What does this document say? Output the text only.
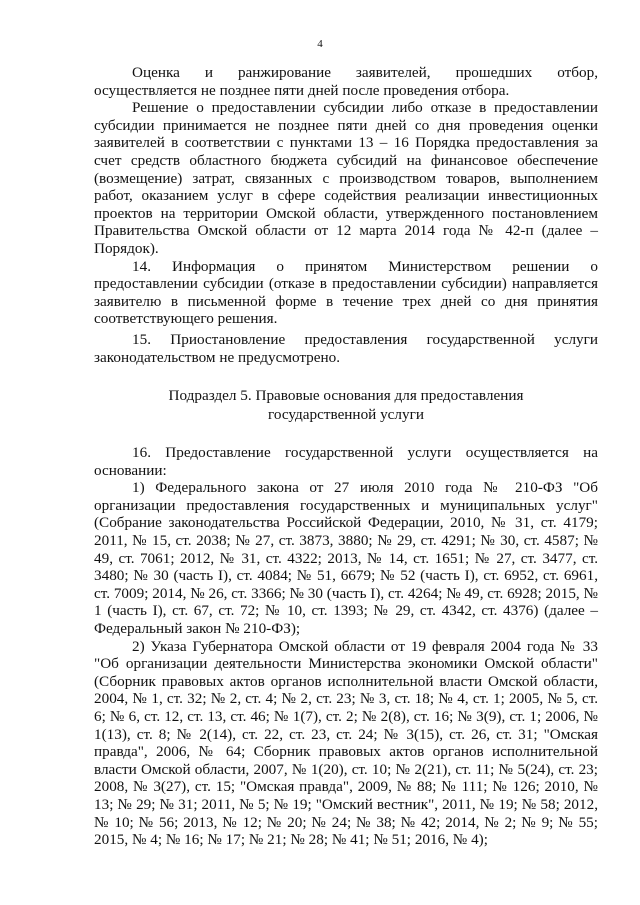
4

Оценка и ранжирование заявителей, прошедших отбор, осуществляется не позднее пяти дней после проведения отбора.

Решение о предоставлении субсидии либо отказе в предоставлении субсидии принимается не позднее пяти дней со дня проведения оценки заявителей в соответствии с пунктами 13 – 16 Порядка предоставления за счет средств областного бюджета субсидий на финансовое обеспечение (возмещение) затрат, связанных с производством товаров, выполнением работ, оказанием услуг в сфере содействия реализации инвестиционных проектов на территории Омской области, утвержденного постановлением Правительства Омской области от 12 марта 2014 года № 42-п (далее – Порядок).

14. Информация о принятом Министерством решении о предоставлении субсидии (отказе в предоставлении субсидии) направляется заявителю в письменной форме в течение трех дней со дня принятия соответствующего решения.

15. Приостановление предоставления государственной услуги законодательством не предусмотрено.

Подраздел 5. Правовые основания для предоставления

государственной услуги

16. Предоставление государственной услуги осуществляется на основании:

1) Федерального закона от 27 июля 2010 года № 210-ФЗ "Об организации предоставления государственных и муниципальных услуг" (Собрание законодательства Российской Федерации, 2010, № 31, ст. 4179; 2011, № 15, ст. 2038; № 27, ст. 3873, 3880; № 29, ст. 4291; № 30, ст. 4587; № 49, ст. 7061; 2012, № 31, ст. 4322; 2013, № 14, ст. 1651; № 27, ст. 3477, ст. 3480; № 30 (часть I), ст. 4084; № 51, 6679; № 52 (часть I), ст. 6952, ст. 6961, ст. 7009; 2014, № 26, ст. 3366; № 30 (часть I), ст. 4264; № 49, ст. 6928; 2015, № 1 (часть I), ст. 67, ст. 72; № 10, ст. 1393; № 29, ст. 4342, ст. 4376) (далее – Федеральный закон № 210-ФЗ);

2) Указа Губернатора Омской области от 19 февраля 2004 года № 33 "Об организации деятельности Министерства экономики Омской области" (Сборник правовых актов органов исполнительной власти Омской области, 2004, № 1, ст. 32; № 2, ст. 4; № 2, ст. 23; № 3, ст. 18; № 4, ст. 1; 2005, № 5, ст. 6; № 6, ст. 12, ст. 13, ст. 46; № 1(7), ст. 2; № 2(8), ст. 16; № 3(9), ст. 1; 2006, № 1(13), ст. 8; № 2(14), ст. 22, ст. 23, ст. 24; № 3(15), ст. 26, ст. 31; "Омская правда", 2006, № 64; Сборник правовых актов органов исполнительной власти Омской области, 2007, № 1(20), ст. 10; № 2(21), ст. 11; № 5(24), ст. 23; 2008, № 3(27), ст. 15; "Омская правда", 2009, № 88; № 111; № 126; 2010, № 13; № 29; № 31; 2011, № 5; № 19; "Омский вестник", 2011, № 19; № 58; 2012, № 10; № 56; 2013, № 12; № 20; № 24; № 38; № 42; 2014, № 2; № 9; № 55; 2015, № 4; № 16; № 17; № 21; № 28; № 41; № 51; 2016, № 4);
